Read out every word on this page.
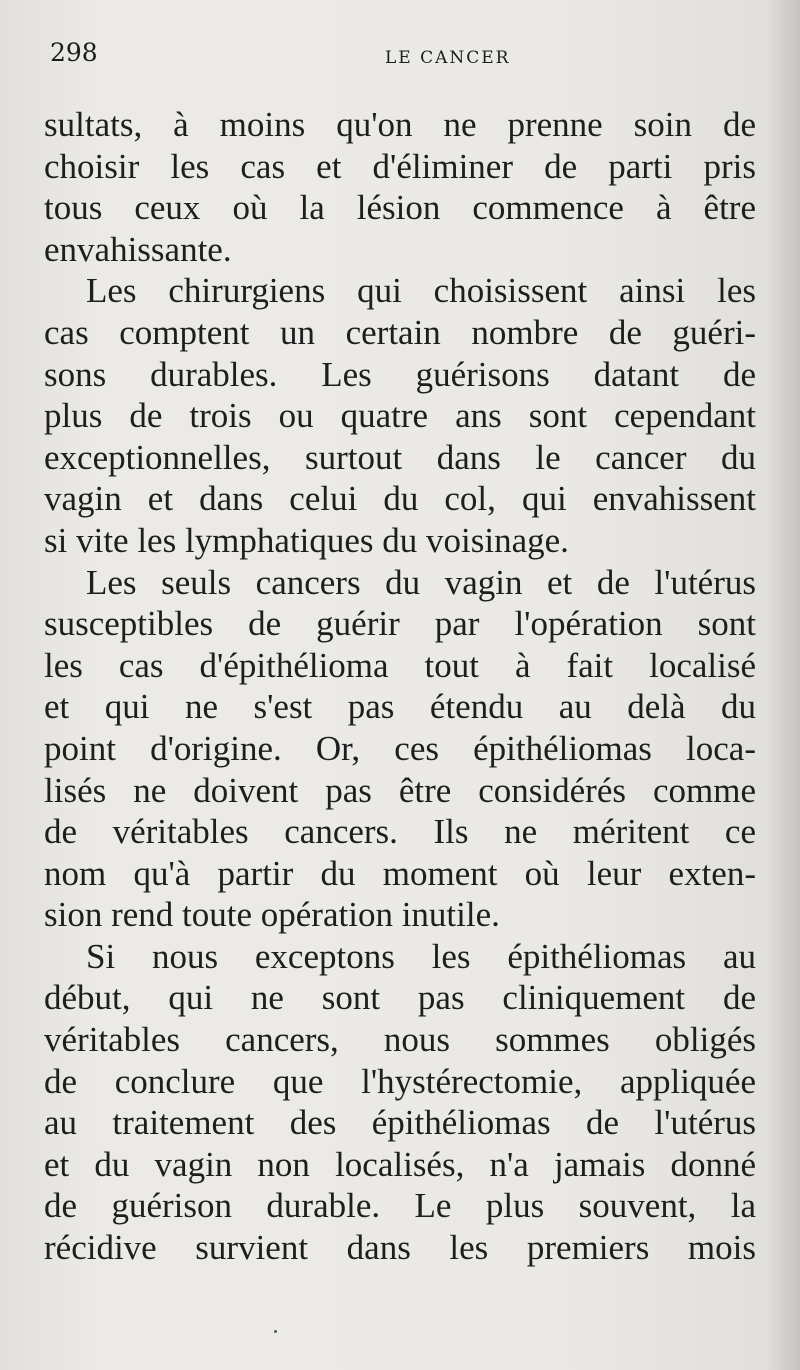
298	LE CANCER
sultats, à moins qu'on ne prenne soin de
choisir les cas et d'éliminer de parti pris
tous ceux où la lésion commence à être
envahissante.
Les chirurgiens qui choisissent ainsi les
cas comptent un certain nombre de guéri-
sons durables. Les guérisons datant de
plus de trois ou quatre ans sont cependant
exceptionnelles, surtout dans le cancer du
vagin et dans celui du col, qui envahissent
si vite les lymphatiques du voisinage.
Les seuls cancers du vagin et de l'utérus
susceptibles de guérir par l'opération sont
les cas d'épithélioma tout à fait localisé
et qui ne s'est pas étendu au delà du
point d'origine. Or, ces épithéliomas loca-
lisés ne doivent pas être considérés comme
de véritables cancers. Ils ne méritent ce
nom qu'à partir du moment où leur exten-
sion rend toute opération inutile.
Si nous exceptons les épithéliomas au
début, qui ne sont pas cliniquement de
véritables cancers, nous sommes obligés
de conclure que l'hystérectomie, appliquée
au traitement des épithéliomas de l'utérus
et du vagin non localisés, n'a jamais donné
de guérison durable. Le plus souvent, la
récidive survient dans les premiers mois
